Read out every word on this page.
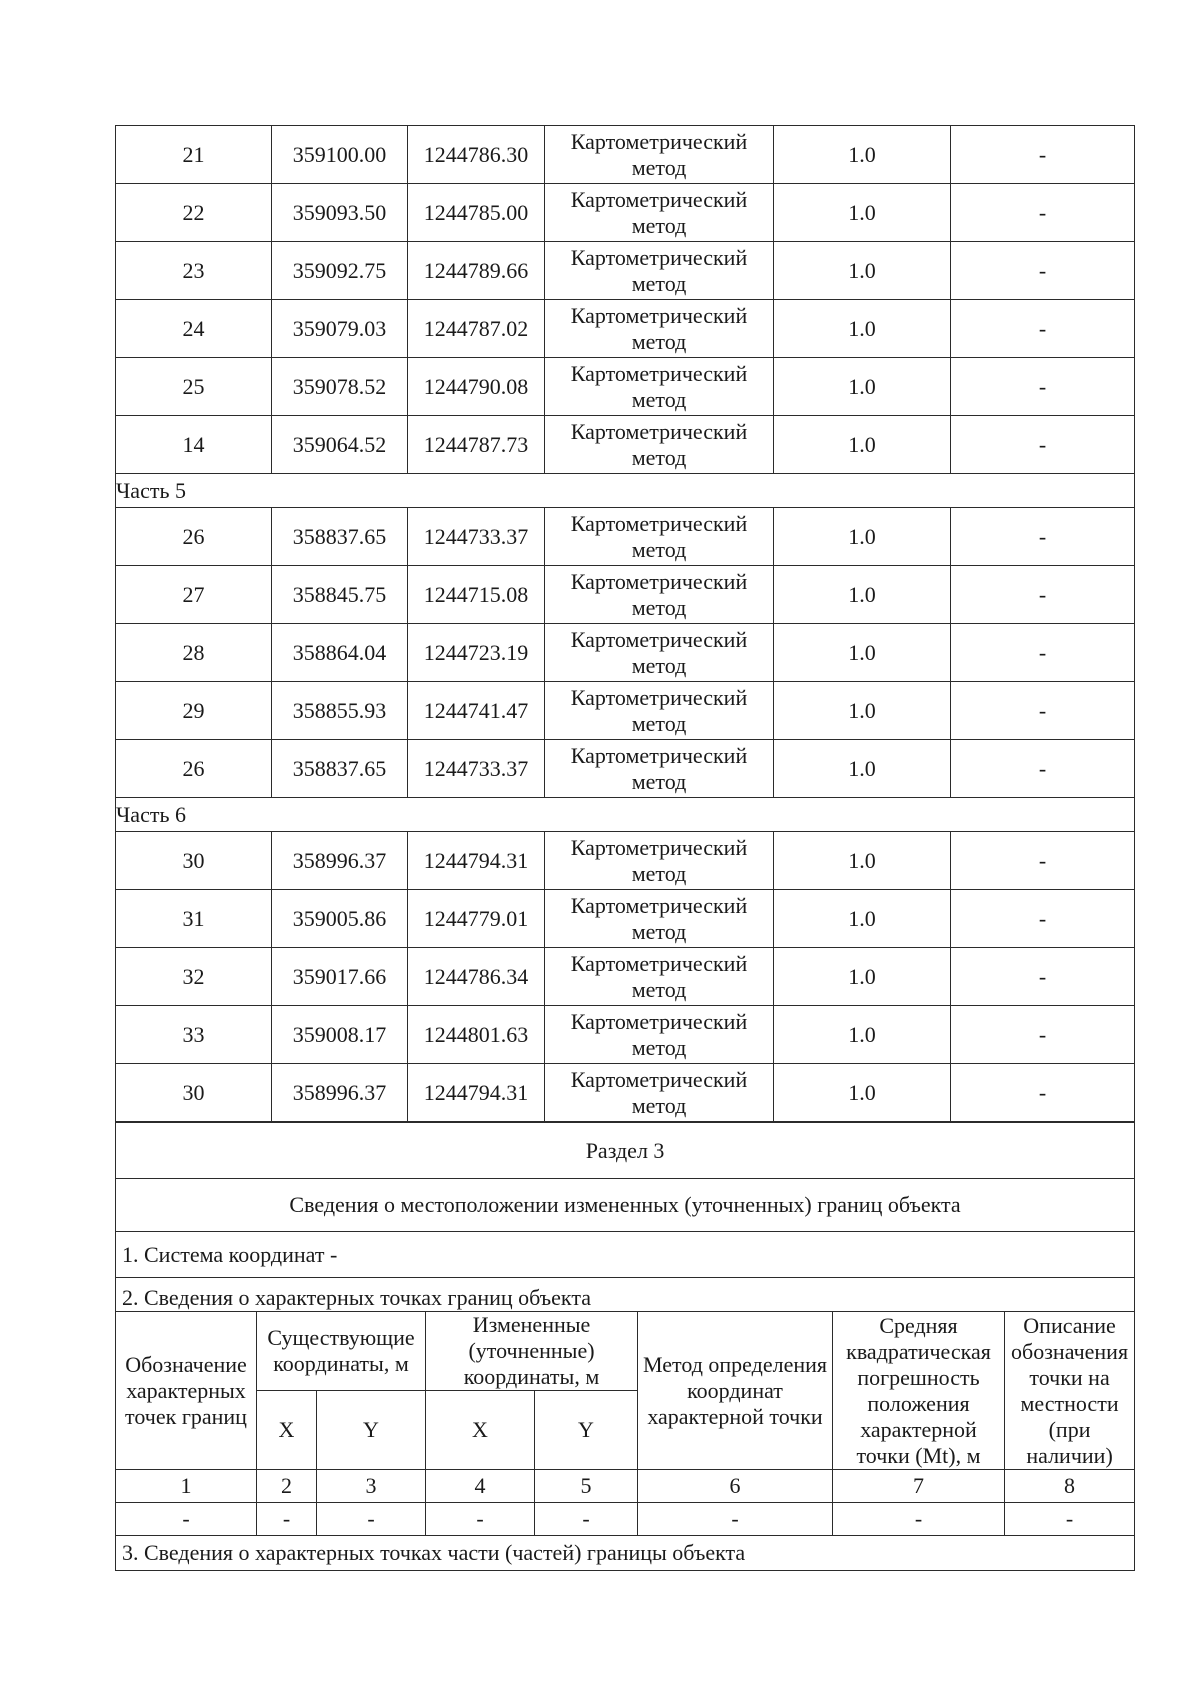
21	359100.00	1244786.30	Картометрический метод	1.0	-
22	359093.50	1244785.00	Картометрический метод	1.0	-
23	359092.75	1244789.66	Картометрический метод	1.0	-
24	359079.03	1244787.02	Картометрический метод	1.0	-
25	359078.52	1244790.08	Картометрический метод	1.0	-
14	359064.52	1244787.73	Картометрический метод	1.0	-
Часть 5					
26	358837.65	1244733.37	Картометрический метод	1.0	-
27	358845.75	1244715.08	Картометрический метод	1.0	-
28	358864.04	1244723.19	Картометрический метод	1.0	-
29	358855.93	1244741.47	Картометрический метод	1.0	-
26	358837.65	1244733.37	Картометрический метод	1.0	-
Часть 6					
30	358996.37	1244794.31	Картометрический метод	1.0	-
31	359005.86	1244779.01	Картометрический метод	1.0	-
32	359017.66	1244786.34	Картометрический метод	1.0	-
33	359008.17	1244801.63	Картометрический метод	1.0	-
30	358996.37	1244794.31	Картометрический метод	1.0	-
Раздел 3							
Сведения о местоположении измененных (уточненных) границ объекта							
1. Система координат -							
2. Сведения о характерных точках границ объекта							
Обозначение характерных точек границ	Существующие координаты, м		Измененные (уточненные) координаты, м		Метод определения координат характерной точки	Средняя квадратическая погрешность положения характерной точки (Mt), м	Описание обозначения точки на местности (при наличии)
	X	Y	X	Y			
1	2	3	4	5	6	7	8
-	-	-	-	-	-	-	-
3. Сведения о характерных точках части (частей) границы объекта							
